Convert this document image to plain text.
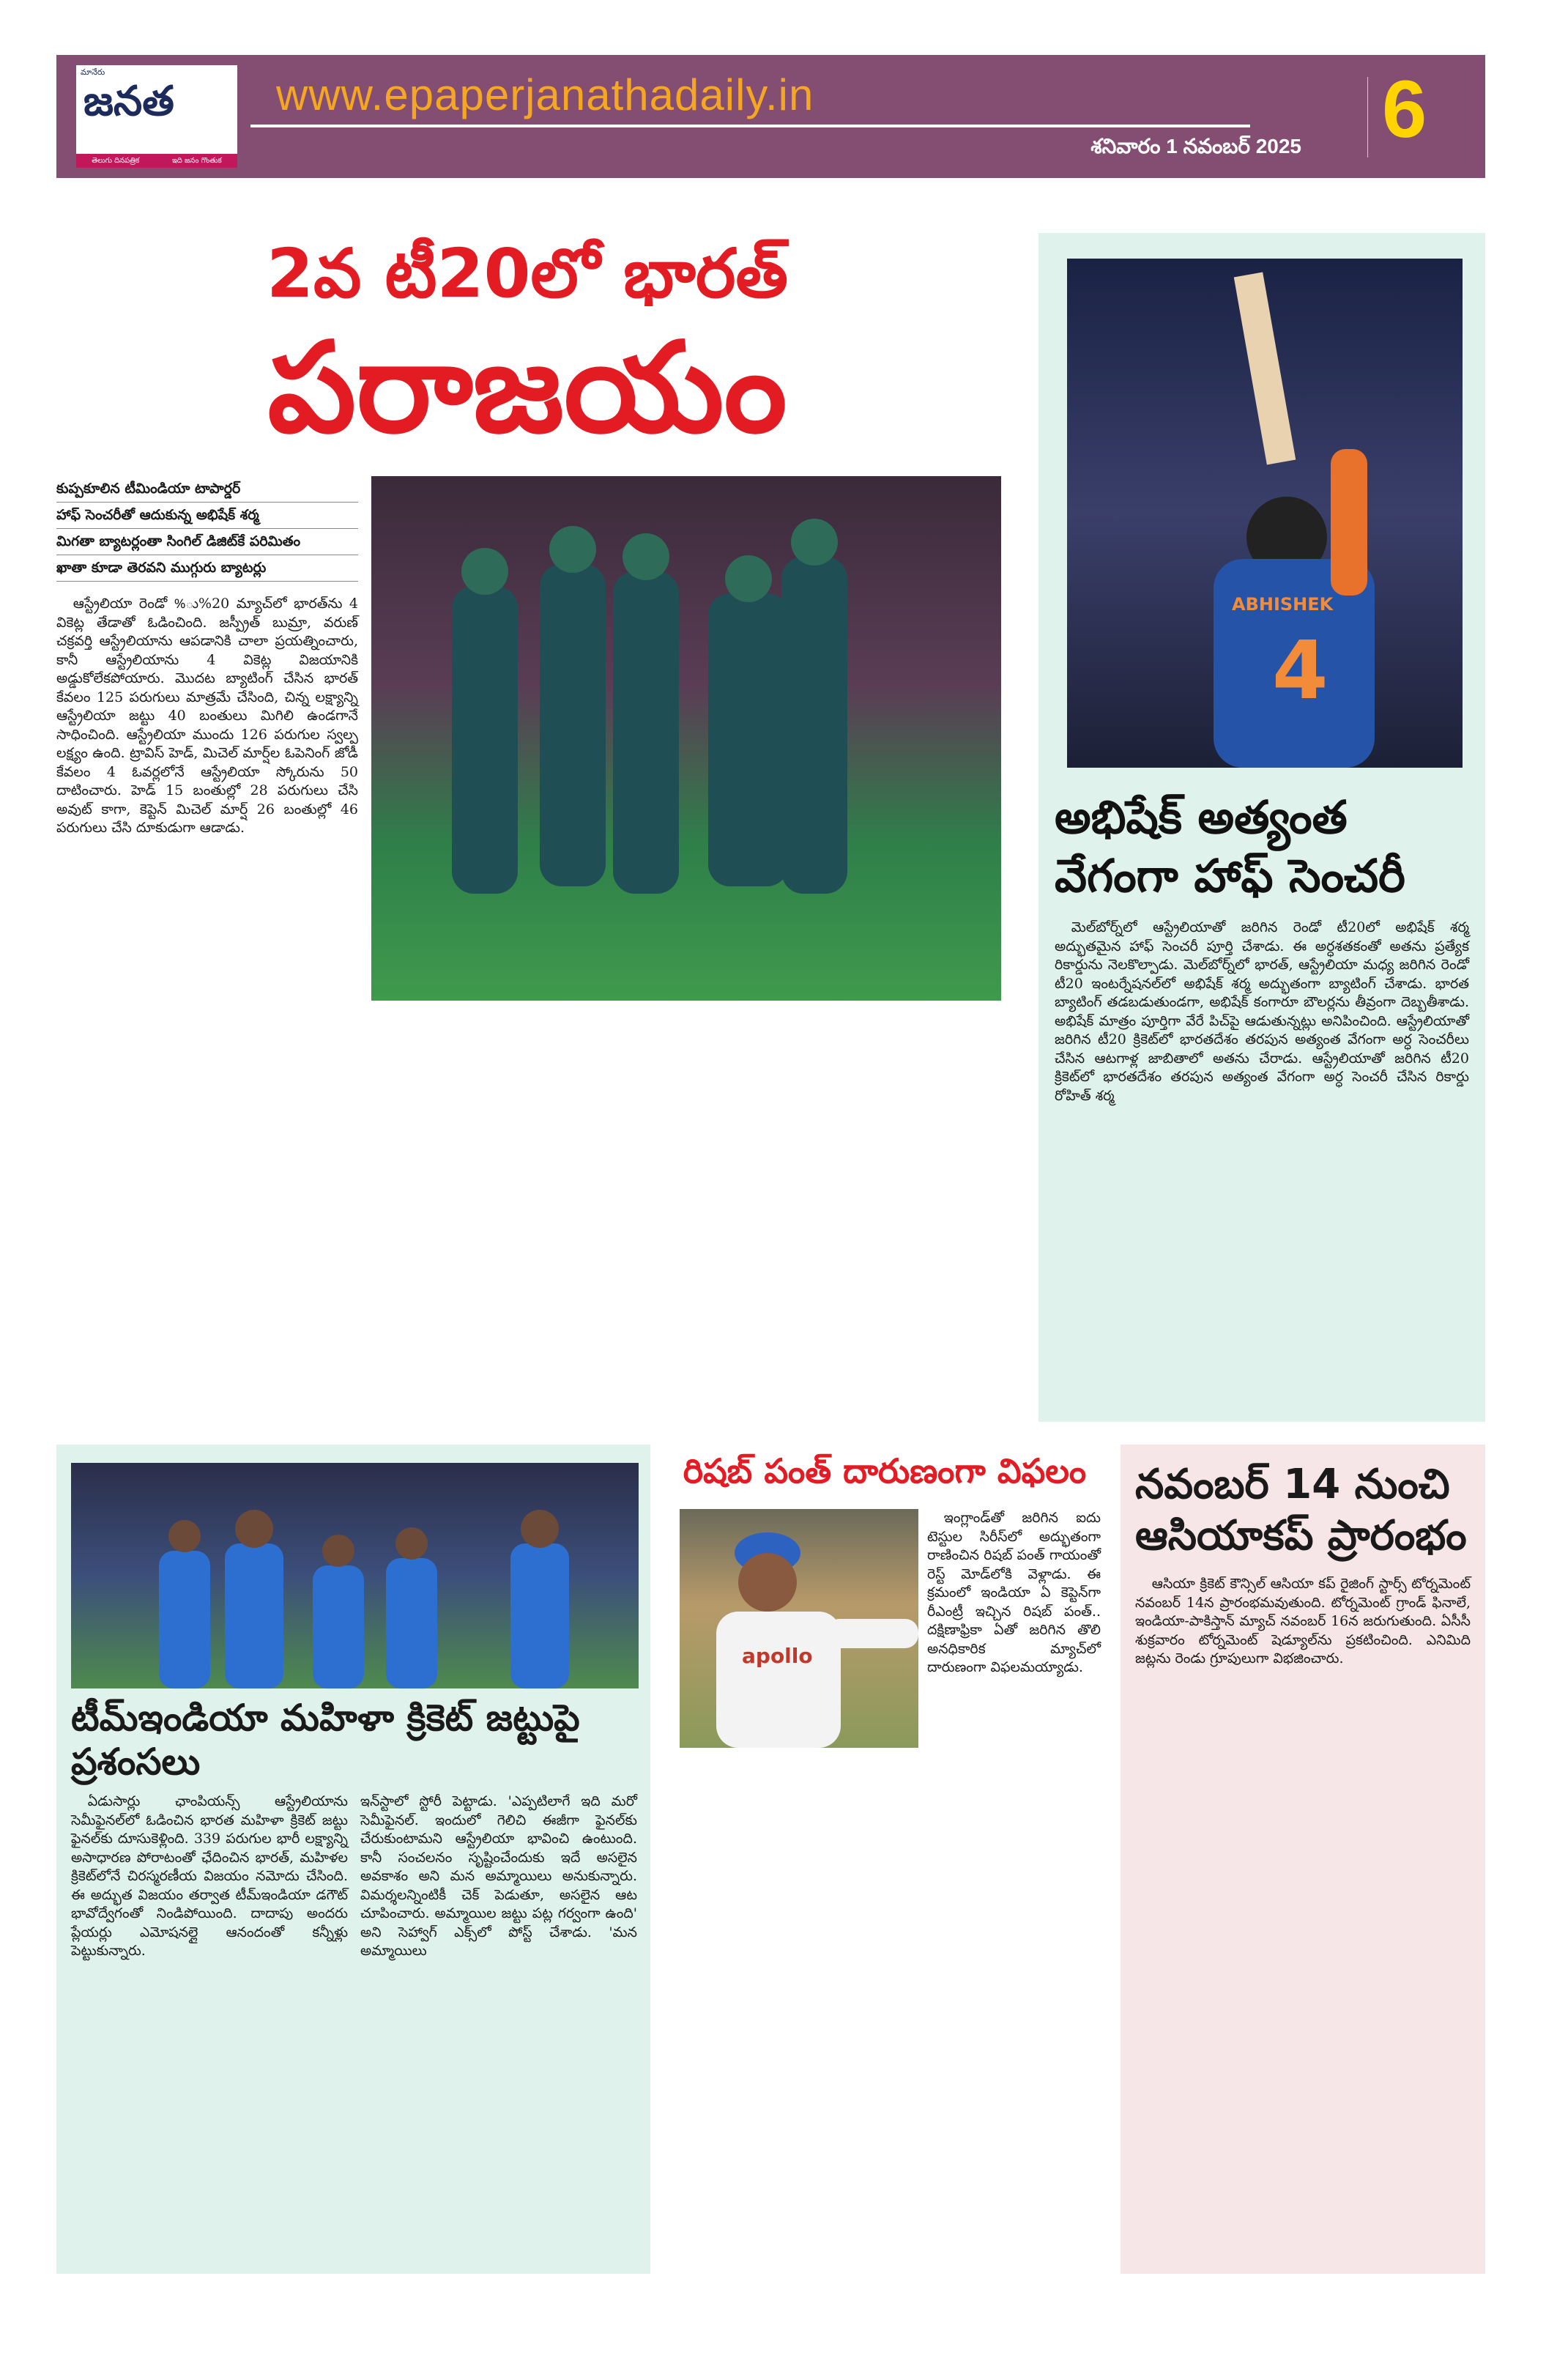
మానేరు
జనత
తెలుగు దినపత్రిక	ఇది జనం గొంతుక
www.epaperjanathadaily.in
శనివారం 1 నవంబర్ 2025 6
2వ టీ20లో భారత్
పరాజయం
కుప్పకూలిన టీమిండియా టాపార్డర్
హాఫ్ సెంచరీతో ఆదుకున్న అభిషేక్ శర్మ
మిగతా బ్యాటర్లంతా సింగిల్ డిజిట్‌కే పరిమితం
ఖాతా కూడా తెరవని ముగ్గురు బ్యాటర్లు

ఆస్ట్రేలియా రెండో %ు%20 మ్యాచ్‌లో భారత్‌ను 4 వికెట్ల తేడాతో ఓడించింది. జస్ప్రీత్ బుమ్రా, వరుణ్ చక్రవర్తి ఆస్ట్రేలియాను ఆపడానికి చాలా ప్రయత్నించారు, కానీ ఆస్ట్రేలియాను 4 వికెట్ల విజయానికి అడ్డుకోలేకపోయారు. మొదట బ్యాటింగ్ చేసిన భారత్ కేవలం 125 పరుగులు మాత్రమే చేసింది, చిన్న లక్ష్యాన్ని ఆస్ట్రేలియా జట్టు 40 బంతులు మిగిలి ఉండగానే సాధించింది. ఆస్ట్రేలియా ముందు 126 పరుగుల స్వల్ప లక్ష్యం ఉంది. ట్రావిస్ హెడ్, మిచెల్ మార్ష్‌ల ఓపెనింగ్ జోడీ కేవలం 4 ఓవర్లలోనే ఆస్ట్రేలియా స్కోరును 50 దాటించారు. హెడ్ 15 బంతుల్లో 28 పరుగులు చేసి అవుట్ కాగా, కెప్టెన్ మిచెల్ మార్ష్ 26 బంతుల్లో 46 పరుగులు చేసి దూకుడుగా ఆడాడు.

ABHISHEK
4
అభిషేక్ అత్యంత
వేగంగా హాఫ్ సెంచరీ

మెల్‌బోర్న్‌లో ఆస్ట్రేలియాతో జరిగిన రెండో టీ20లో అభిషేక్ శర్మ అద్భుతమైన హాఫ్ సెంచరీ పూర్తి చేశాడు. ఈ అర్ధశతకంతో అతను ప్రత్యేక రికార్డును నెలకొల్పాడు. మెల్‌బోర్న్‌లో భారత్, ఆస్ట్రేలియా మధ్య జరిగిన రెండో టీ20 ఇంటర్నేషనల్‌లో అభిషేక్ శర్మ అద్భుతంగా బ్యాటింగ్ చేశాడు. భారత బ్యాటింగ్ తడబడుతుండగా, అభిషేక్ కంగారూ బౌలర్లను తీవ్రంగా దెబ్బతీశాడు. అభిషేక్ మాత్రం పూర్తిగా వేరే పిచ్‌పై ఆడుతున్నట్లు అనిపించింది. ఆస్ట్రేలియాతో జరిగిన టీ20 క్రికెట్‌లో భారతదేశం తరపున అత్యంత వేగంగా అర్ధ సెంచరీలు చేసిన ఆటగాళ్ల జాబితాలో అతను చేరాడు. ఆస్ట్రేలియాతో జరిగిన టీ20 క్రికెట్‌లో భారతదేశం తరపున అత్యంత వేగంగా అర్ధ సెంచరీ చేసిన రికార్డు రోహిత్ శర్మ

టీమ్ఇండియా మహిళా క్రికెట్ జట్టుపై ప్రశంసలు

ఏడుసార్లు ఛాంపియన్స్ ఆస్ట్రేలియాను సెమీఫైనల్‌లో ఓడించిన భారత మహిళా క్రికెట్ జట్టు ఫైనల్‌కు దూసుకెళ్లింది. 339 పరుగుల భారీ లక్ష్యాన్ని అసాధారణ పోరాటంతో ఛేదించిన భారత్, మహిళల క్రికెట్‌లోనే చిరస్మరణీయ విజయం నమోదు చేసింది. ఈ అద్భుత విజయం తర్వాత టీమ్ఇండియా డగౌట్ భావోద్వేగంతో నిండిపోయింది. దాదాపు అందరు ప్లేయర్లు ఎమోషనల్లై ఆనందంతో కన్నీళ్లు పెట్టుకున్నారు.

ఇన్‌స్టాలో స్టోరీ పెట్టాడు. 'ఎప్పటిలాగే ఇది మరో సెమీఫైనల్. ఇందులో గెలిచి ఈజీగా ఫైనల్‌కు చేరుకుంటామని ఆస్ట్రేలియా భావించి ఉంటుంది. కానీ సంచలనం సృష్టించేందుకు ఇదే అసలైన అవకాశం అని మన అమ్మాయిలు అనుకున్నారు. విమర్శలన్నింటికీ చెక్ పెడుతూ, అసలైన ఆట చూపించారు. అమ్మాయిల జట్టు పట్ల గర్వంగా ఉంది' అని సెహ్వాగ్ ఎక్స్‌లో పోస్ట్ చేశాడు. 'మన అమ్మాయిలు

రిషబ్ పంత్ దారుణంగా విఫలం
apollo

ఇంగ్లాండ్‌తో జరిగిన ఐదు టెస్టుల సిరీస్‌లో అద్భుతంగా రాణించిన రిషబ్ పంత్ గాయంతో రెస్ట్ మోడ్‌లోకి వెళ్లాడు. ఈ క్రమంలో ఇండియా ఏ కెప్టెన్‌గా రీఎంట్రీ ఇచ్చిన రిషబ్ పంత్.. దక్షిణాఫ్రికా ఏతో జరిగిన తొలి అనధికారిక మ్యాచ్‌లో దారుణంగా విఫలమయ్యాడు.

నవంబర్ 14 నుంచి
ఆసియాకప్ ప్రారంభం

ఆసియా క్రికెట్ కౌన్సిల్ ఆసియా కప్ రైజింగ్ స్టార్స్ టోర్నమెంట్ నవంబర్ 14న ప్రారంభమవుతుంది. టోర్నమెంట్ గ్రాండ్ ఫినాలే, ఇండియా-పాకిస్తాన్ మ్యాచ్ నవంబర్ 16న జరుగుతుంది. ఏసీసీ శుక్రవారం టోర్నమెంట్ షెడ్యూల్‌ను ప్రకటించింది. ఎనిమిది జట్లను రెండు గ్రూపులుగా విభజించారు.
